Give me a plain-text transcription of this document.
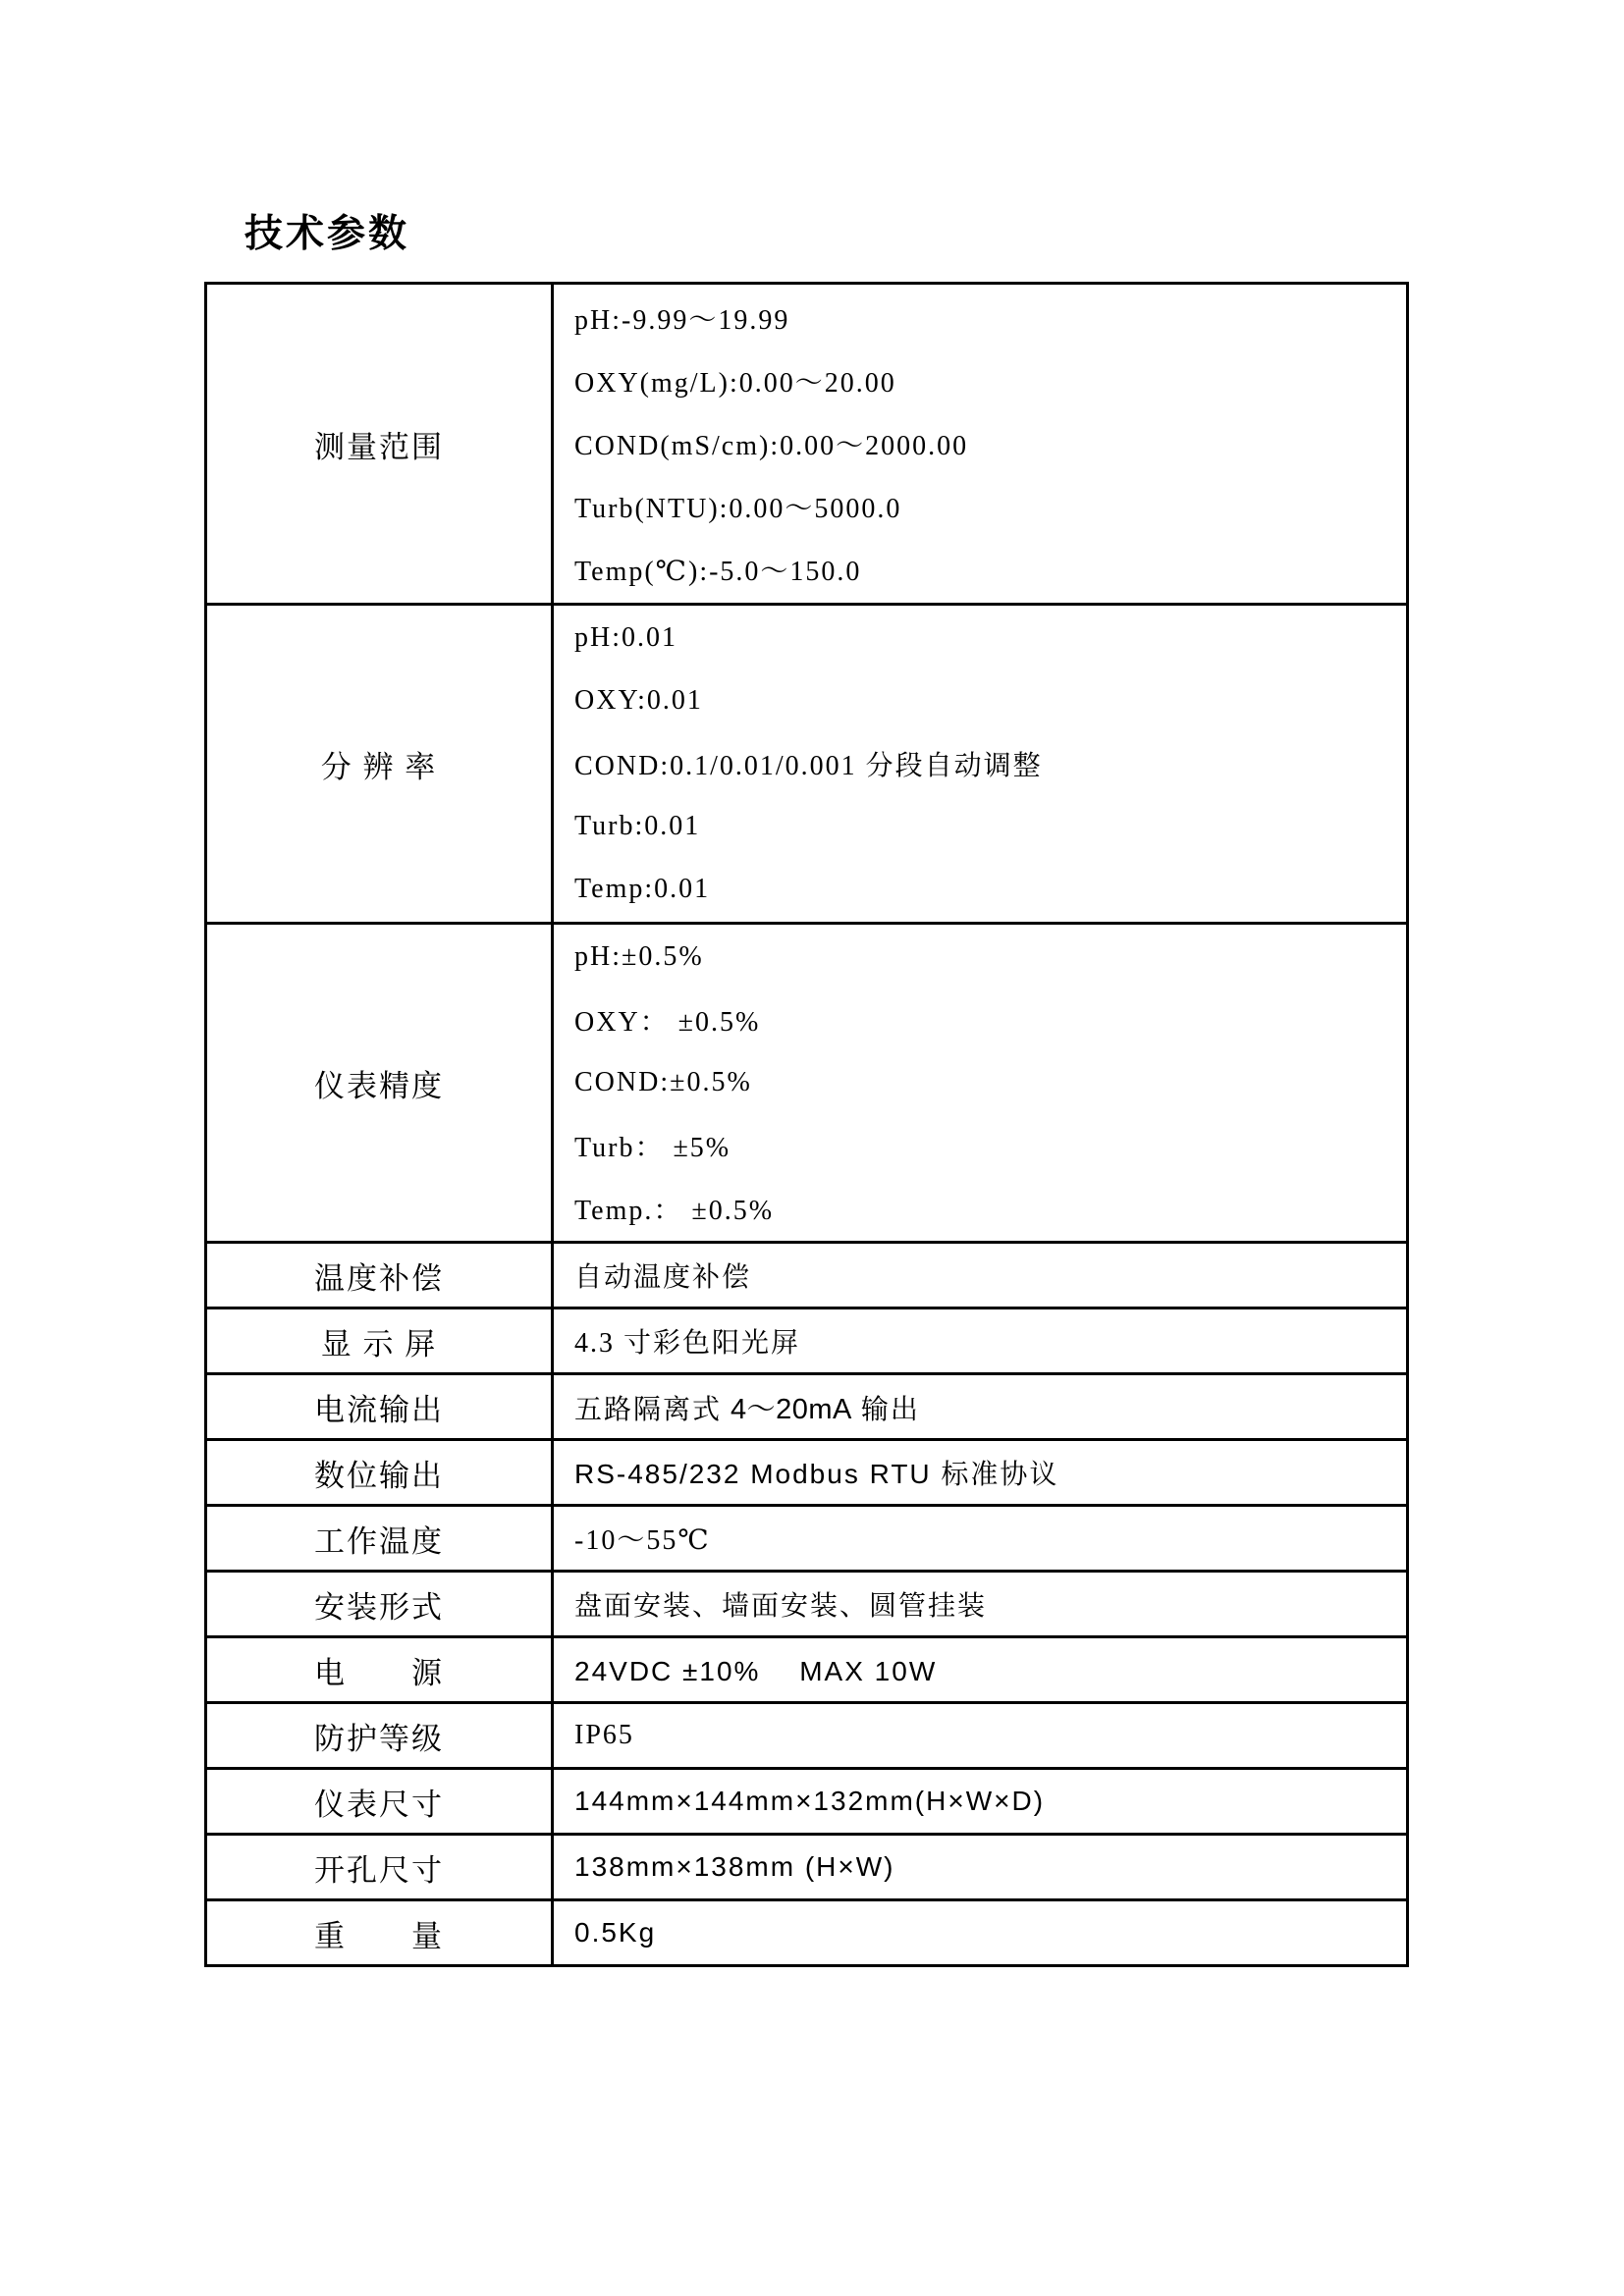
技术参数
测量范围	pH:-9.99～19.99
OXY(mg/L):0.00～20.00
COND(mS/cm):0.00～2000.00
Turb(NTU):0.00～5000.0
Temp(℃):-5.0～150.0

分 辨 率	pH:0.01
OXY:0.01
COND:0.1/0.01/0.001 分段自动调整
Turb:0.01
Temp:0.01

仪表精度	pH:±0.5%
OXY： ±0.5%
COND:±0.5%
Turb： ±5%
Temp.： ±0.5%

温度补偿	自动温度补偿
显 示 屏	4.3 寸彩色阳光屏
电流输出	五路隔离式 4～20mA 输出
数位输出	RS-485/232 Modbus RTU 标准协议
工作温度	-10～55℃
安装形式	盘面安装、墙面安装、圆管挂装
电　　源	24VDC ±10%　 MAX 10W
防护等级	IP65
仪表尺寸	144mm×144mm×132mm(H×W×D)
开孔尺寸	138mm×138mm (H×W)
重　　量	0.5Kg
